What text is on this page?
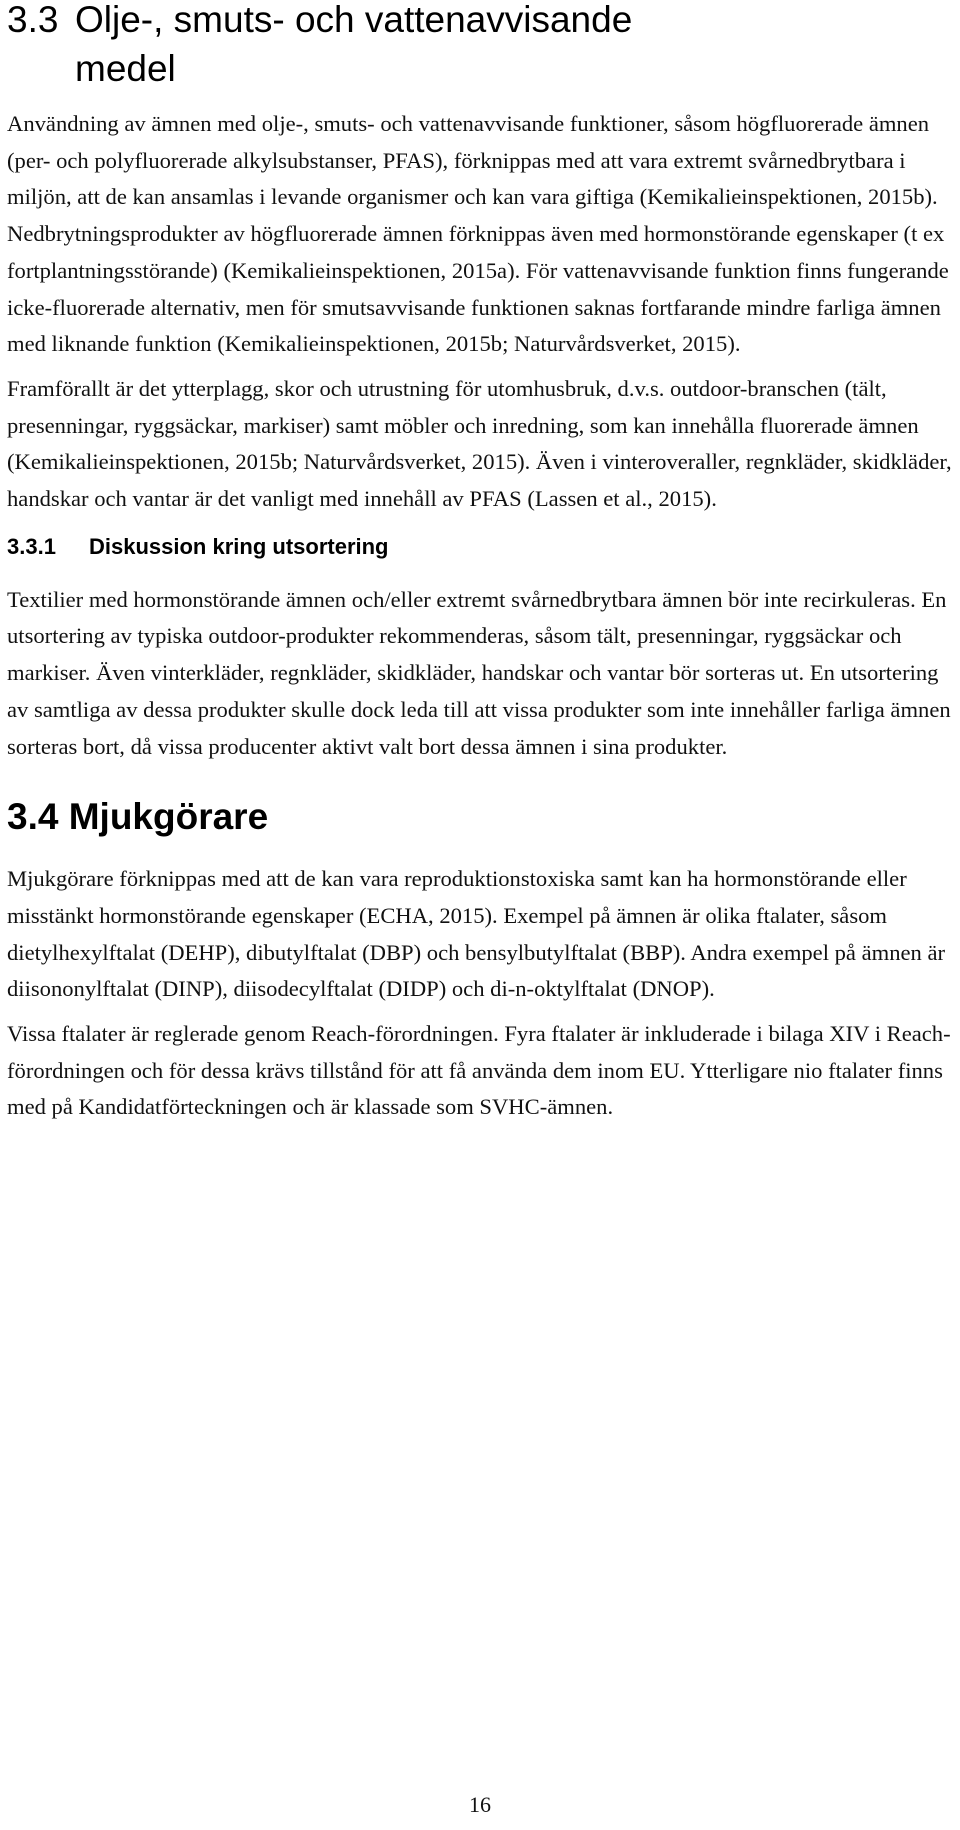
3.3 Olje-, smuts- och vattenavvisande
medel

Användning av ämnen med olje-, smuts- och vattenavvisande funktioner, såsom högfluorerade ämnen (per- och polyfluorerade alkylsubstanser, PFAS), förknippas med att vara extremt svårnedbrytbara i miljön, att de kan ansamlas i levande organismer och kan vara giftiga (Kemikalieinspektionen, 2015b). Nedbrytningsprodukter av högfluorerade ämnen förknippas även med hormonstörande egenskaper (t ex fortplantningsstörande) (Kemikalieinspektionen, 2015a). För vattenavvisande funktion finns fungerande icke-fluorerade alternativ, men för smutsavvisande funktionen saknas fortfarande mindre farliga ämnen med liknande funktion (Kemikalieinspektionen, 2015b; Naturvårdsverket, 2015).

Framförallt är det ytterplagg, skor och utrustning för utomhusbruk, d.v.s. outdoor-branschen (tält, presenningar, ryggsäckar, markiser) samt möbler och inredning, som kan innehålla fluorerade ämnen (Kemikalieinspektionen, 2015b; Naturvårdsverket, 2015). Även i vinteroveraller, regnkläder, skidkläder, handskar och vantar är det vanligt med innehåll av PFAS (Lassen et al., 2015).

3.3.1 Diskussion kring utsortering

Textilier med hormonstörande ämnen och/eller extremt svårnedbrytbara ämnen bör inte recirkuleras. En utsortering av typiska outdoor-produkter rekommenderas, såsom tält, presenningar, ryggsäckar och markiser. Även vinterkläder, regnkläder, skidkläder, handskar och vantar bör sorteras ut. En utsortering av samtliga av dessa produkter skulle dock leda till att vissa produkter som inte innehåller farliga ämnen sorteras bort, då vissa producenter aktivt valt bort dessa ämnen i sina produkter.

3.4 Mjukgörare

Mjukgörare förknippas med att de kan vara reproduktionstoxiska samt kan ha hormonstörande eller misstänkt hormonstörande egenskaper (ECHA, 2015). Exempel på ämnen är olika ftalater, såsom dietylhexylftalat (DEHP), dibutylftalat (DBP) och bensylbutylftalat (BBP). Andra exempel på ämnen är diisononylftalat (DINP), diisodecylftalat (DIDP) och di-n-oktylftalat (DNOP).

Vissa ftalater är reglerade genom Reach-förordningen. Fyra ftalater är inkluderade i bilaga XIV i Reach-förordningen och för dessa krävs tillstånd för att få använda dem inom EU. Ytterligare nio ftalater finns med på Kandidatförteckningen och är klassade som SVHC-ämnen.

16
